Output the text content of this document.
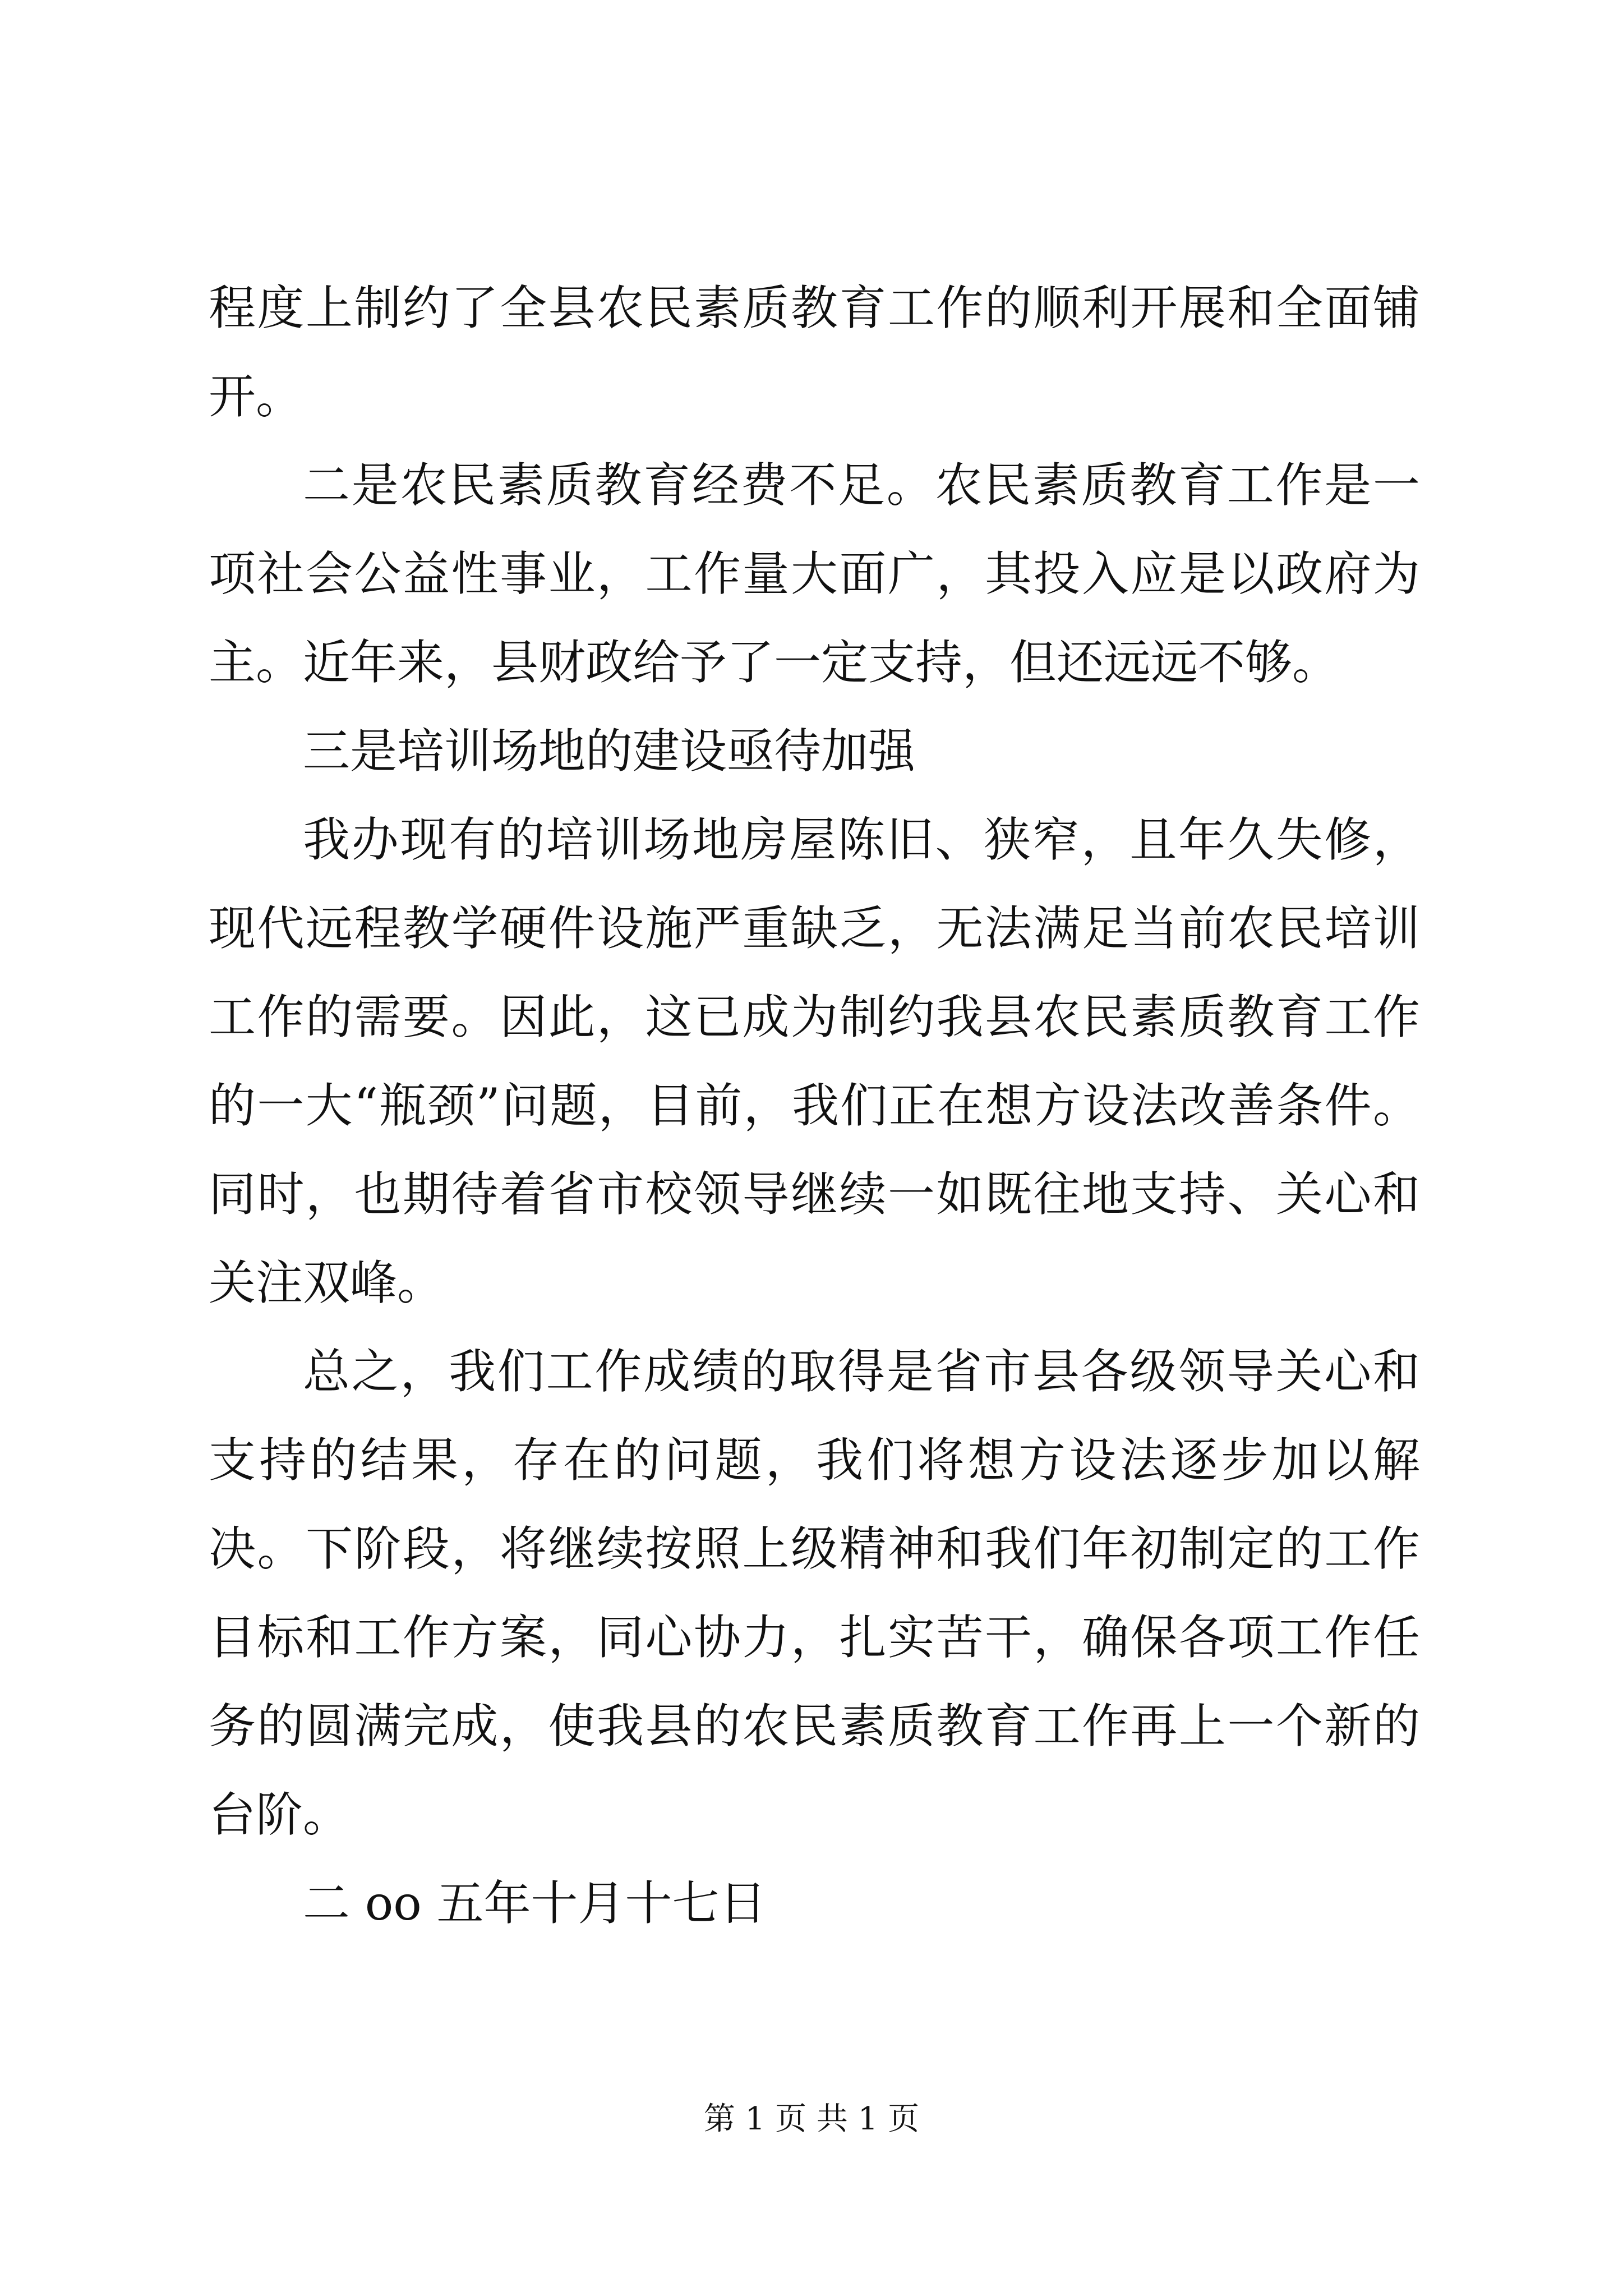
程度上制约了全县农民素质教育工作的顺利开展和全面铺开。

二是农民素质教育经费不足。农民素质教育工作是一项社会公益性事业，工作量大面广，其投入应是以政府为主。近年来，县财政给予了一定支持，但还远远不够。

三是培训场地的建设亟待加强

我办现有的培训场地房屋陈旧、狭窄，且年久失修，现代远程教学硬件设施严重缺乏，无法满足当前农民培训工作的需要。因此，这已成为制约我县农民素质教育工作的一大“瓶颈”问题，目前，我们正在想方设法改善条件。同时，也期待着省市校领导继续一如既往地支持、关心和关注双峰。

总之，我们工作成绩的取得是省市县各级领导关心和支持的结果，存在的问题，我们将想方设法逐步加以解决。下阶段，将继续按照上级精神和我们年初制定的工作目标和工作方案，同心协力，扎实苦干，确保各项工作任务的圆满完成，使我县的农民素质教育工作再上一个新的台阶。

二 oo 五年十月十七日

第 1 页 共 1 页
